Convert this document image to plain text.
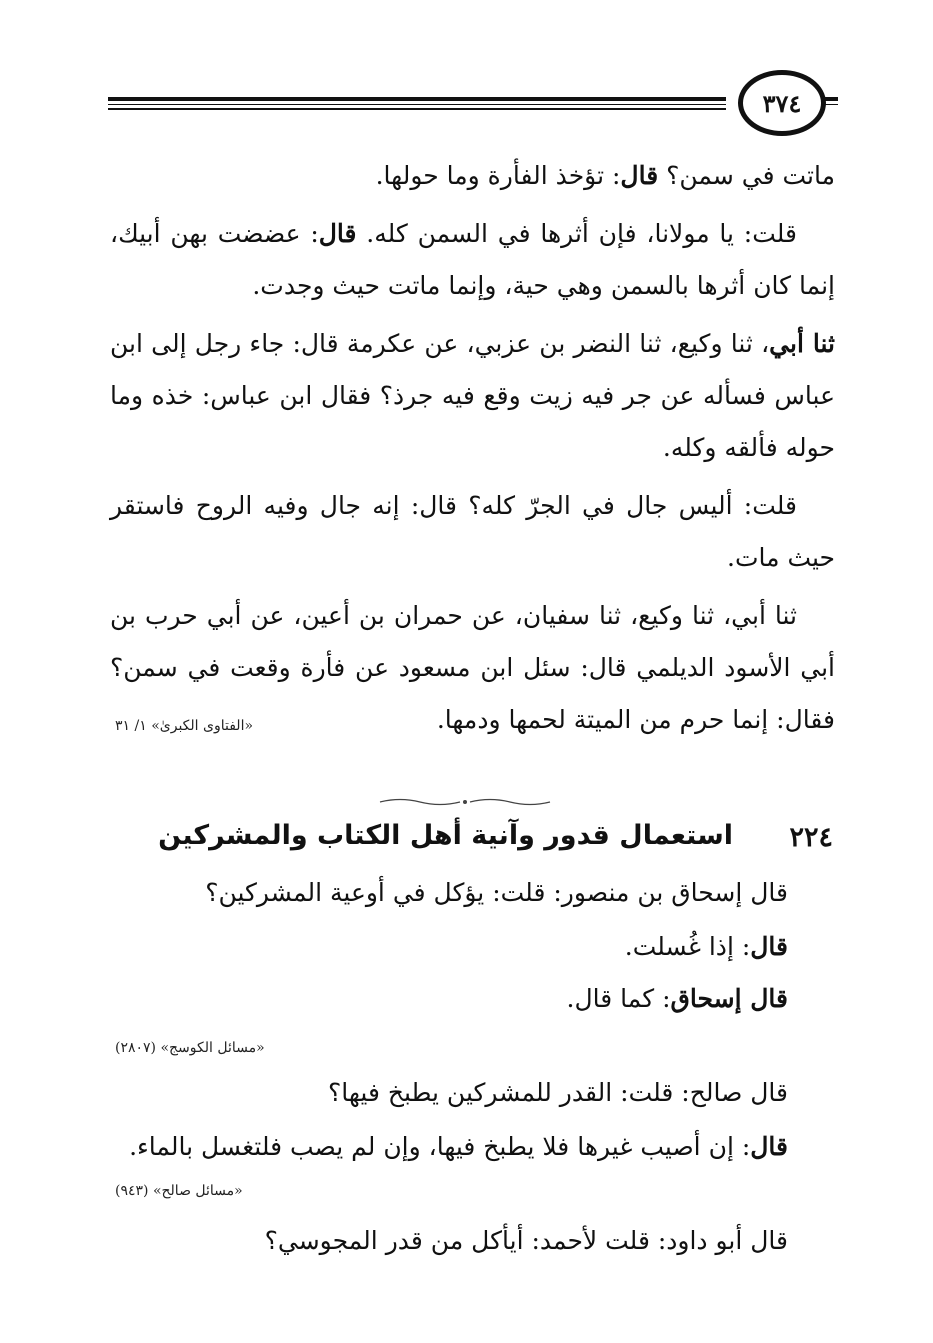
٣٧٤

ماتت في سمن؟ قال: تؤخذ الفأرة وما حولها.

قلت: يا مولانا، فإن أثرها في السمن كله. قال: عضضت بهن أبيك، إنما كان أثرها بالسمن وهي حية، وإنما ماتت حيث وجدت.

ثنا أبي، ثنا وكيع، ثنا النضر بن عزبي، عن عكرمة قال: جاء رجل إلى ابن عباس فسأله عن جر فيه زيت وقع فيه جرذ؟ فقال ابن عباس: خذه وما حوله فألقه وكله.

قلت: أليس جال في الجرّ كله؟ قال: إنه جال وفيه الروح فاستقر حيث مات.

ثنا أبي، ثنا وكيع، ثنا سفيان، عن حمران بن أعين، عن أبي حرب بن أبي الأسود الديلمي قال: سئل ابن مسعود عن فأرة وقعت في سمن؟ فقال: إنما حرم من الميتة لحمها ودمها.

«الفتاوى الكبرىٰ» ١/ ٣١
٢٢٤
استعمال قدور وآنية أهل الكتاب والمشركين
قال إسحاق بن منصور: قلت: يؤكل في أوعية المشركين؟
قال: إذا غُسلت.
قال إسحاق: كما قال.
«مسائل الكوسج» (٢٨٠٧)
قال صالح: قلت: القدر للمشركين يطبخ فيها؟
قال: إن أصيب غيرها فلا يطبخ فيها، وإن لم يصب فلتغسل بالماء.
«مسائل صالح» (٩٤٣)
قال أبو داود: قلت لأحمد: أيأكل من قدر المجوسي؟
